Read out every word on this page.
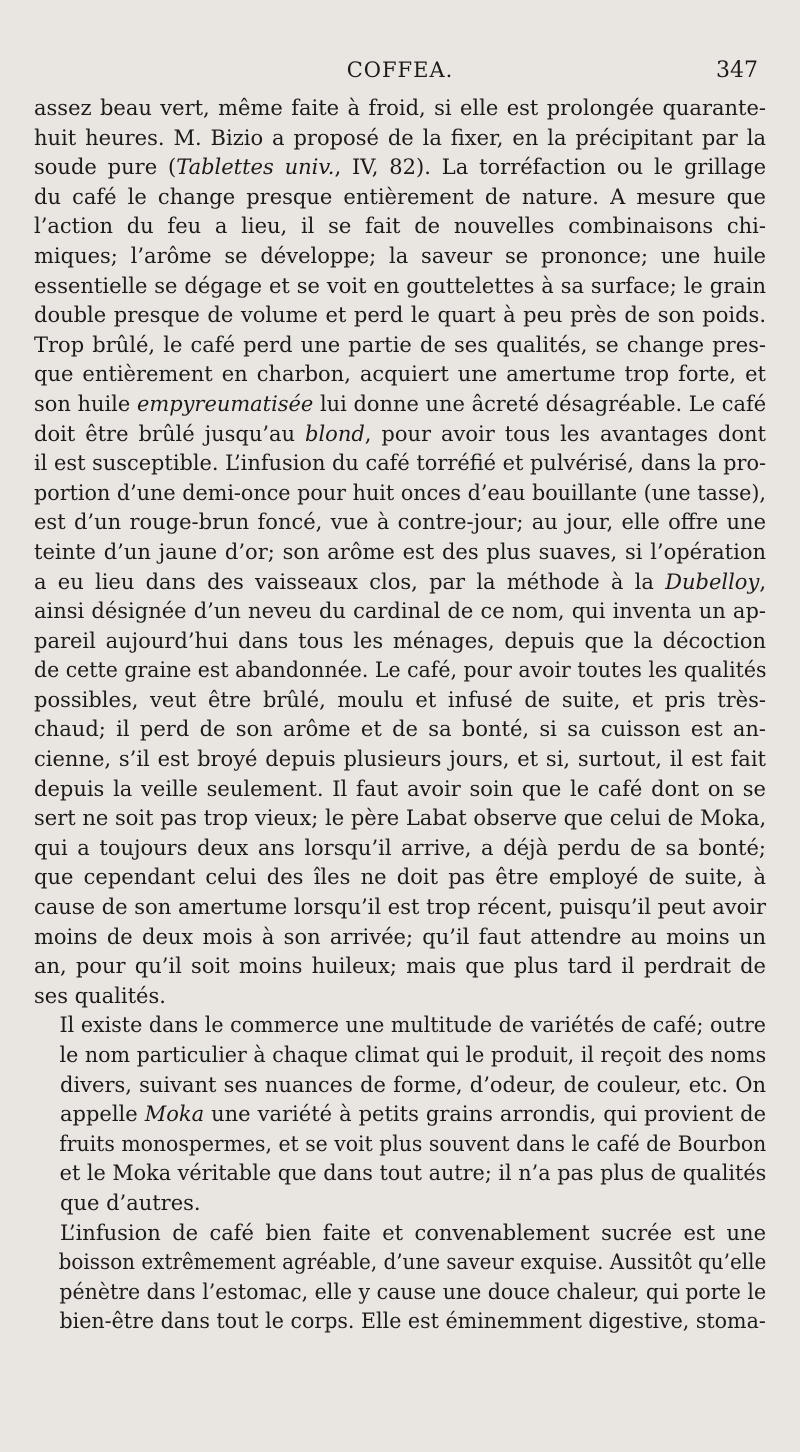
COFFEA.	347

assez beau vert, même faite à froid, si elle est prolongée quarante-
huit heures. M. Bizio a proposé de la fixer, en la précipitant par la
soude pure (Tablettes univ., IV, 82). La torréfaction ou le grillage
du café le change presque entièrement de nature. A mesure que
l’action du feu a lieu, il se fait de nouvelles combinaisons chi-
miques; l’arôme se développe; la saveur se prononce; une huile
essentielle se dégage et se voit en gouttelettes à sa surface; le grain
double presque de volume et perd le quart à peu près de son poids.
Trop brûlé, le café perd une partie de ses qualités, se change pres-
que entièrement en charbon, acquiert une amertume trop forte, et
son huile empyreumatisée lui donne une âcreté désagréable. Le café
doit être brûlé jusqu’au blond, pour avoir tous les avantages dont
il est susceptible. L’infusion du café torréfié et pulvérisé, dans la pro-
portion d’une demi-once pour huit onces d’eau bouillante (une tasse),
est d’un rouge-brun foncé, vue à contre-jour; au jour, elle offre une
teinte d’un jaune d’or; son arôme est des plus suaves, si l’opération
a eu lieu dans des vaisseaux clos, par la méthode à la Dubelloy,
ainsi désignée d’un neveu du cardinal de ce nom, qui inventa un ap-
pareil aujourd’hui dans tous les ménages, depuis que la décoction
de cette graine est abandonnée. Le café, pour avoir toutes les qualités
possibles, veut être brûlé, moulu et infusé de suite, et pris très-
chaud; il perd de son arôme et de sa bonté, si sa cuisson est an-
cienne, s’il est broyé depuis plusieurs jours, et si, surtout, il est fait
depuis la veille seulement. Il faut avoir soin que le café dont on se
sert ne soit pas trop vieux; le père Labat observe que celui de Moka,
qui a toujours deux ans lorsqu’il arrive, a déjà perdu de sa bonté;
que cependant celui des îles ne doit pas être employé de suite, à
cause de son amertume lorsqu’il est trop récent, puisqu’il peut avoir
moins de deux mois à son arrivée; qu’il faut attendre au moins un
an, pour qu’il soit moins huileux; mais que plus tard il perdrait de
ses qualités.

Il existe dans le commerce une multitude de variétés de café; outre
le nom particulier à chaque climat qui le produit, il reçoit des noms
divers, suivant ses nuances de forme, d’odeur, de couleur, etc. On
appelle Moka une variété à petits grains arrondis, qui provient de
fruits monospermes, et se voit plus souvent dans le café de Bourbon
et le Moka véritable que dans tout autre; il n’a pas plus de qualités
que d’autres.

L’infusion de café bien faite et convenablement sucrée est une
boisson extrêmement agréable, d’une saveur exquise. Aussitôt qu’elle
pénètre dans l’estomac, elle y cause une douce chaleur, qui porte le
bien-être dans tout le corps. Elle est éminemment digestive, stoma-
